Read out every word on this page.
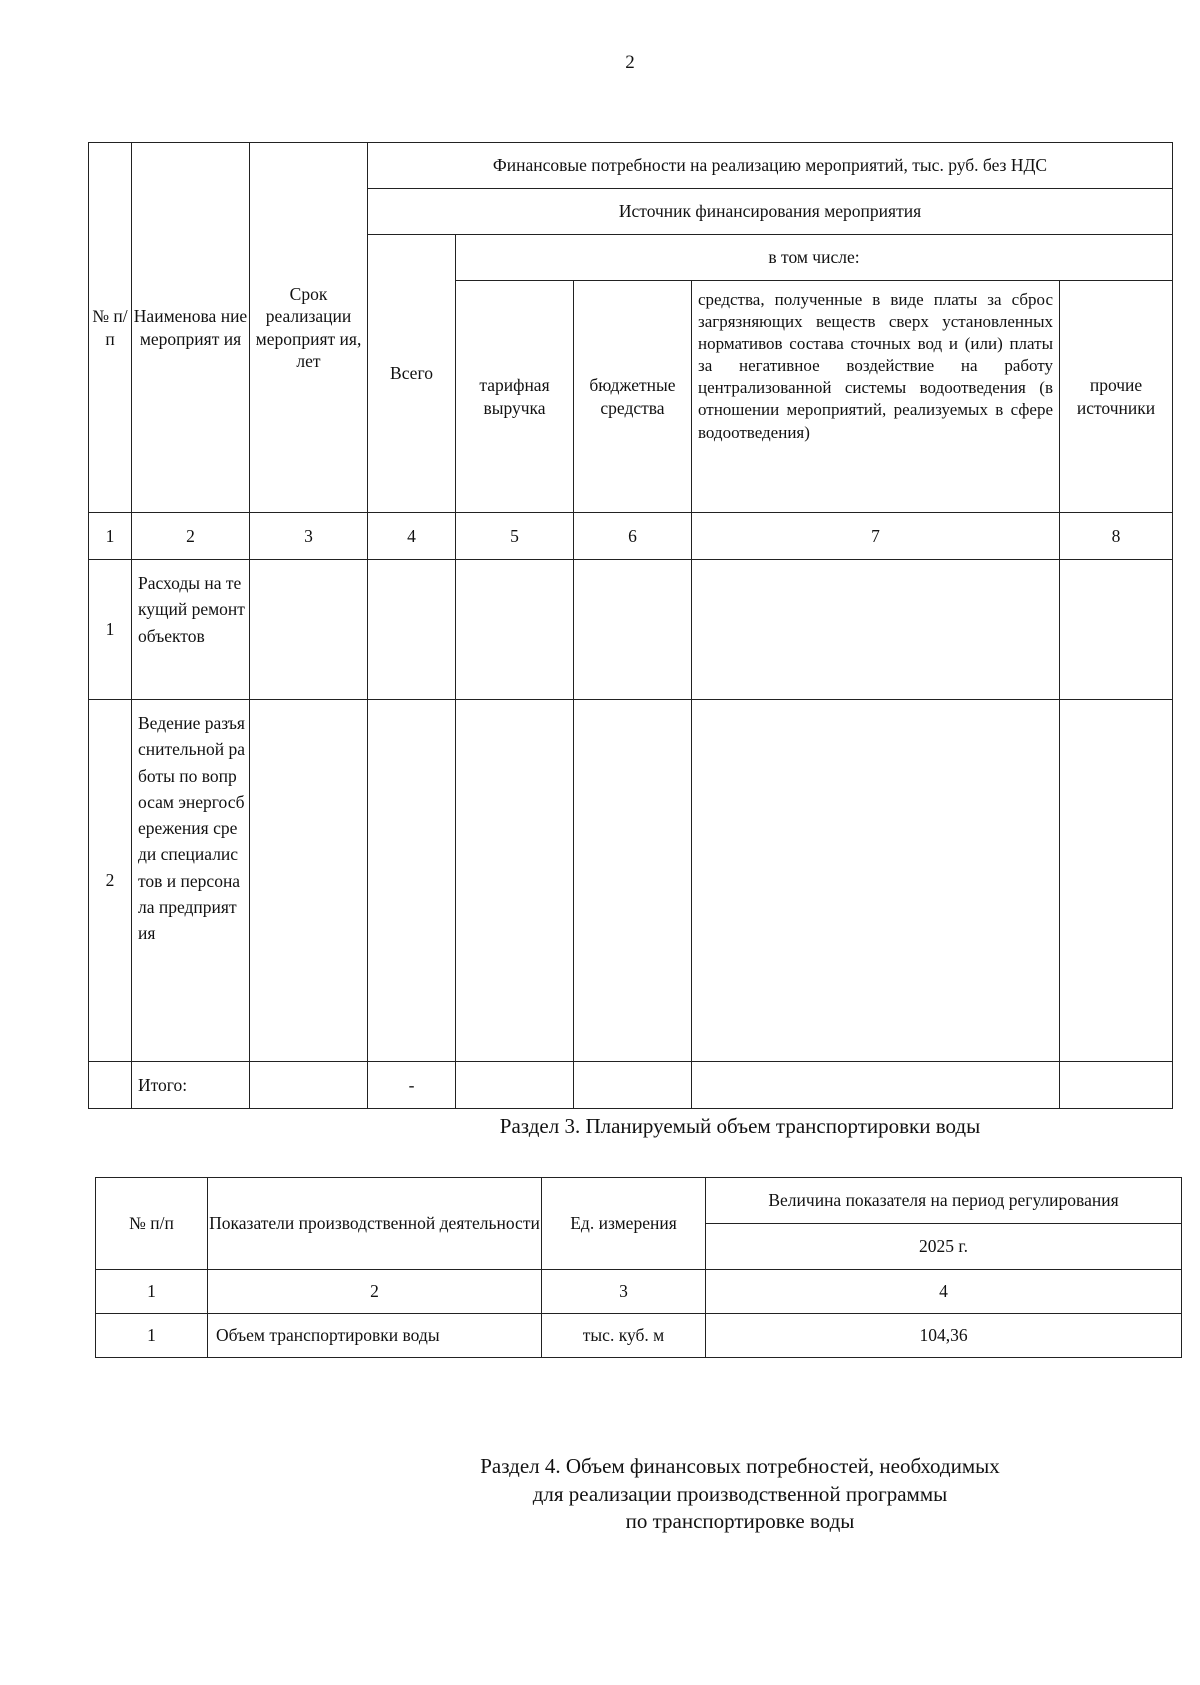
2
№ п/п	Наименова ние мероприят ия	Срок реализации мероприят ия, лет	Финансовые потребности на реализацию мероприятий, тыс. руб. без НДС				
			Источник финансирования мероприятия				
			Всего	в том числе:			
				тарифная выручка	бюджетные средства	средства, полученные в виде платы за сброс загрязняющих веществ сверх установленных нормативов состава сточных вод и (или) платы за негативное воздействие на работу централизованной системы водоотведения (в отношении мероприятий, реализуемых в сфере водоотведения)	прочие источники
1	2	3	4	5	6	7	8
1	Расходы на текущий ремонт объектов						
2	Ведение разъяснительной работы по вопросам энергосбережения среди специалистов и персонала предприятия						
	Итого:		-				
Раздел 3. Планируемый объем транспортировки воды
№ п/п	Показатели производственной деятельности	Ед. измерения	Величина показателя на период регулирования
			2025 г.
1	2	3	4
1	Объем транспортировки воды	тыс. куб. м	104,36
Раздел 4. Объем финансовых потребностей, необходимых
для реализации производственной программы
по транспортировке воды
